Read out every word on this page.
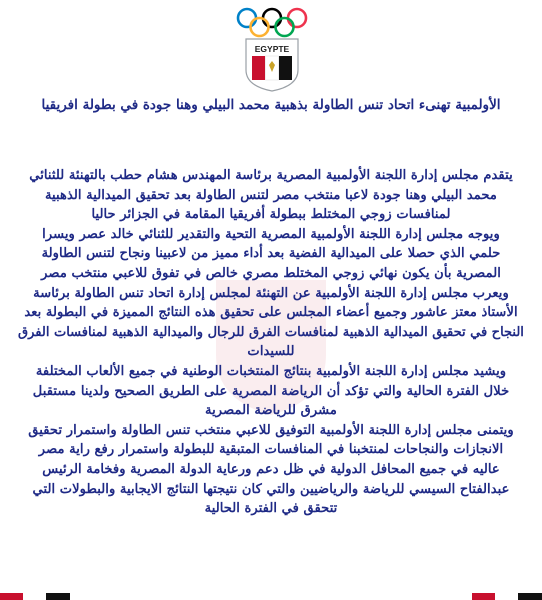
EGYPTE
الأولمبية تهنىء اتحاد تنس الطاولة بذهبية محمد البيلي وهنا جودة في بطولة افريقيا
يتقدم مجلس إدارة اللجنة الأولمبية المصرية برئاسة المهندس هشام حطب بالتهنئة للثنائي
محمد البيلي وهنا جودة لاعبا منتخب مصر لتنس الطاولة بعد تحقيق الميدالية الذهبية
لمنافسات زوجي المختلط ببطولة أفريقيا المقامة في الجزائر حاليا
ويوجه مجلس إدارة اللجنة الأولمبية المصرية التحية والتقدير للثنائي خالد عصر ويسرا
حلمي الذي حصلا على الميدالية الفضية بعد أداء مميز من لاعبينا ونجاح لتنس الطاولة
المصرية بأن يكون نهائي زوجي المختلط مصري خالص في تفوق للاعبي منتخب مصر
ويعرب مجلس إدارة اللجنة الأولمبية عن التهنئة لمجلس إدارة اتحاد تنس الطاولة برئاسة
الأستاذ معتز عاشور وجميع أعضاء المجلس على تحقيق هذه النتائج المميزة في البطولة بعد
النجاح في تحقيق الميدالية الذهبية لمنافسات الفرق للرجال والميدالية الذهبية لمنافسات الفرق
للسيدات
ويشيد مجلس إدارة اللجنة الأولمبية بنتائج المنتخبات الوطنية في جميع الألعاب المختلفة
خلال الفترة الحالية والتي تؤكد أن الرياضة المصرية على الطريق الصحيح ولدينا مستقبل
مشرق للرياضة المصرية
ويتمنى مجلس إدارة اللجنة الأولمبية التوفيق للاعبي منتخب تنس الطاولة واستمرار تحقيق
الانجازات والنجاحات لمنتخبنا في المنافسات المتبقية للبطولة واستمرار رفع راية مصر
عاليه في جميع المحافل الدولية في ظل دعم ورعاية الدولة المصرية وفخامة الرئيس
عبدالفتاح السيسي للرياضة والرياضيين والتي كان نتيجتها النتائج الايجابية والبطولات التي
تتحقق في الفترة الحالية
